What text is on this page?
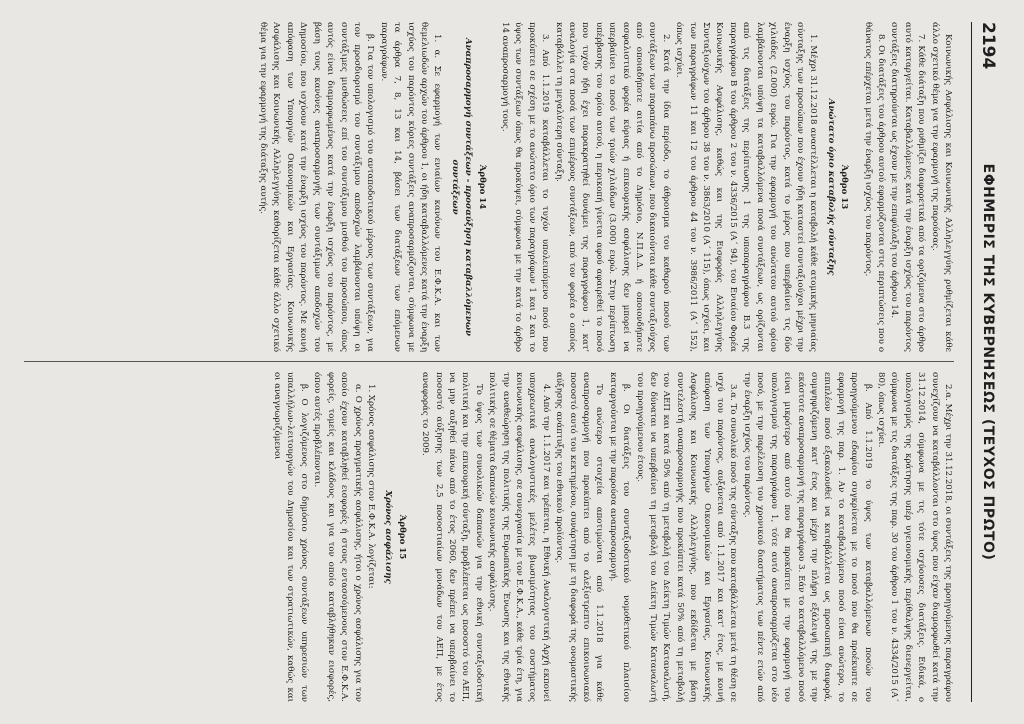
2194
ΕΦΗΜΕΡΙΣ ΤΗΣ ΚΥΒΕΡΝΗΣΕΩΣ (ΤΕΥΧΟΣ ΠΡΩΤΟ)

Κοινωνικής Ασφάλισης και Κοινωνικής Αλληλεγγύης ρυθμίζεται κάθε άλλο σχετικό θέμα για την εφαρμογή της παρούσας.

7. Κάθε διάταξη που ρυθμίζει διαφορετικά από τα οριζόμενα στο άρθρο αυτό καταργείται. Καταβαλλόμενες κατά την έναρξη ισχύος του παρόντος συντάξεις διατηρούνται ως έχουν με την επιφύλαξη του άρθρου 14.

8. Οι διατάξεις του άρθρου αυτού εφαρμόζονται στις περιπτώσεις που ο θάνατος επέρχεται μετά την έναρξη ισχύος του παρόντος.

Άρθρο 13

Ανώτατο όριο καταβολής σύνταξης

1. Μέχρι 31.12.2018 αναστέλλεται η καταβολή κάθε ατομικής μηνιαίας σύνταξης των προσώπων που έχουν ήδη καταστεί συνταξιούχοι μέχρι την έναρξη ισχύος του παρόντος, κατά το μέρος που υπερβαίνει τις δύο χιλιάδες (2.000) ευρώ. Για την εφαρμογή του ανώτατου αυτού ορίου λαμβάνονται υπόψη τα καταβαλλόμενα ποσά συντάξεων, ως ορίζονται από τις διατάξεις της περίπτωσης 1 της υποπαραγράφου Β.3 της παραγράφου Β του άρθρου 2 του ν. 4336/2015 (Α΄ 94), του Ενιαίου Φορέα Κοινωνικής Ασφάλισης, καθώς και της Εισφοράς Αλληλεγγύης Συνταξιούχων του άρθρου 38 του ν. 3863/2010 (Α΄ 115), όπως ισχύει, και των παραγράφων 11 και 12 του άρθρου 44 του ν. 3986/2011 (Α΄ 152), όπως ισχύει.

2. Κατά την ίδια περίοδο, το άθροισμα του καθαρού ποσού των συντάξεων των παραπάνω προσώπων, που δικαιούνται κάθε συνταξιούχος από οποιαδήποτε αιτία από το Δημόσιο, Ν.Π.Δ.Δ. ή οποιονδήποτε ασφαλιστικό φορέα κύριας ή επικουρικής ασφάλισης δεν μπορεί να υπερβαίνει το ποσό των τριών χιλιάδων (3.000) ευρώ. Στην περίπτωση υπέρβασης του ορίου αυτού, η περικοπή γίνεται αφού αφαιρεθεί το ποσό που τυχόν ήδη έχει παρακρατηθεί δυνάμει της παραγράφου 1, κατ' αναλογία στα ποσά των επιμέρους συντάξεων, από τον φορέα ο οποίος καταβάλλει τη μεγαλύτερη σύνταξη.

3. Από 1.1.2019 καταβάλλεται το τυχόν υπολειπόμενο ποσό που προκύπτει σε σχέση με το ανώτατο όριο των παραγράφων 1 και 2 και το ύψος των συντάξεων όπως θα προκύψει, σύμφωνα με την κατά το άρθρο 14 αναπροσαρμογή τους.

Άρθρο 14

Αναπροσαρμογή συντάξεων - προσαύξηση καταβαλλόμενων συντάξεων

1. α. Σε εφαρμογή των ενιαίων κανόνων του Ε.Φ.Κ.Α. και των θεμελιωδών αρχών του άρθρου 1, οι ήδη καταβαλλόμενες κατά την έναρξη ισχύος του παρόντος κύριες συντάξεις αναπροσαρμόζονται, σύμφωνα με τα άρθρα 7, 8, 13 και 14, βάσει των διατάξεων των επόμενων παραγράφων.

β. Για τον υπολογισμό του ανταποδοτικού μέρους των συντάξεων, για τον προσδιορισμό του συντάξιμου αποδοχών λαμβάνονται υπόψη οι συντάξιμες μισθώσεις επί του συντάξιμου μισθού του προσώπου, όπως αυτός είναι διαμορφωμένος κατά την έναρξη ισχύος του παρόντος, με βάση τους κανόνες αναπροσαρμογής των συντάξιμων αποδοχών του Δημοσίου, που ισχύουν κατά την έναρξη ισχύος του παρόντος. Με κοινή απόφαση των Υπουργών Οικονομικών και Εργασίας, Κοινωνικής Ασφάλισης και Κοινωνικής Αλληλεγγύης καθορίζεται κάθε άλλο σχετικό θέμα για την εφαρμογή της διάταξης αυτής.

2.α. Μέχρι την 31.12.2018, οι συντάξεις της προηγούμενης παραγράφου συνεχίζουν να καταβάλλονται στο ύψος που είχαν διαμορφωθεί κατά την 31.12.2014, σύμφωνα με τις τότε ισχύουσες διατάξεις. Ειδικά, ο υπολογισμός της κράτησης υπέρ υγειονομικής περίθαλψης διενεργείται, σύμφωνα με τις διατάξεις της παρ. 30 του άρθρου 1 του ν. 4334/2015 (Α΄ 80), όπως ισχύει.

β. Από 1.1.2019 το ύψος των καταβαλλόμενων ποσών του προηγούμενου εδαφίου συγκρίνεται με το ποσό που θα προέκυπτε σε εφαρμογή της παρ. 1. Αν το καταβαλλόμενο ποσό είναι ανώτερο, το επιπλέον ποσό εξακολουθεί να καταβάλλεται ως προσωπική διαφορά, συμψηφιζόμενη κατ' έτος και μέχρι την πλήρη εξάλειψή της με την εκάστοτε αναπροσαρμογή της παραγράφου 3. Εάν το καταβαλλόμενο ποσό είναι μικρότερο από αυτό που θα προκύπτει με την εφαρμογή του υπολογισμού της παραγράφου 1, τότε αυτό αναπροσαρμόζεται στο νέο ποσό, με την παρέλευση του χρονικού διαστήματος των πέντε ετών από την έναρξη ισχύος του παρόντος.

3.α. Το συνολικό ποσό της σύνταξης που καταβάλλεται μετά τη θέση σε ισχύ του παρόντος, αυξάνεται από 1.1.2017 και κατ' έτος, με κοινή απόφαση των Υπουργών Οικονομικών και Εργασίας, Κοινωνικής Ασφάλισης και Κοινωνικής Αλληλεγγύης, που εκδίδεται με βάση συντελεστή αναπροσαρμογής που προκύπτει κατά 50% από τη μεταβολή του ΑΕΠ και κατά 50% από τη μεταβολή του Δείκτη Τιμών Καταναλωτή, δεν δύναται να υπερβαίνει τη μεταβολή του Δείκτη Τιμών Καταναλωτή του προηγούμενου έτους.

β. Οι διατάξεις του συνταξιοδοτικού νομοθετικού πλαισίου καταργούνται με την παρούσα αναπροσαρμογή.

Το ανώτερο στοιχεία αποτιμώνται από 1.1.2018 για κάθε αναπροσαρμογή που προκύπτει από το αλεξίστρεπτο επικοινωνιακό ποσοστό αυτό του κεκτημένου, συνάρτηση με τη διαφορά της ονομαστικής αύξησης ανάπτυξης του εθνικού προϊόντος.

4. Από την 1.1.2017 και τρέπεται, η Εθνική Αναλογιστική Αρχή εκπονεί υποχρεωτικά αναλογιστικές μελέτες βιωσιμότητας του συστήματος κοινωνικής ασφάλισης, σε συνεργασία με τον Ε.Φ.Κ.Α., κάθε τρία έτη, για την αναθεώρηση της πολιτικής της Ευρωπαϊκής Ένωσης και της εθνικής πολιτικής σε θέματα δαπανών κοινωνικής ασφάλισης.

Το ύψος των συνολικών δαπανών για την εθνική συνταξιοδοτική πολιτική και την επικουρική σύνταξη, προβλέπεται ως ποσοστό του ΑΕΠ, να μην αυξηθεί πάνω από το έτος 2060, δεν πρέπει να υπερβαίνει το ποσοστό αύξησης των 2,5 ποσοστιαίων μονάδων του ΑΕΠ, με έτος αναφοράς το 2009.

Άρθρο 15

Χρόνος ασφάλισης

1. Χρόνος ασφάλισης στον Ε.Φ.Κ.Α. λογίζεται:

α. Ο χρόνος πραγματικής ασφάλισης, ήτοι ο χρόνος ασφάλισης για τον οποίο έχουν καταβληθεί εισφορές ή στους εντασσόμενους στον Ε.Φ.Κ.Α. φορείς, τομείς και κλάδους και για τον οποίο καταβλήθηκαν εισφορές, όπου αυτές προβλέπονται.

β. Ο λογιζόμενος στο δημόσιο χρόνος συντάξεων υπηρεσιών των υπαλλήλων-λειτουργών του Δημοσίου και των στρατιωτικών, καθώς και οι αναγνωριζόμενοι
